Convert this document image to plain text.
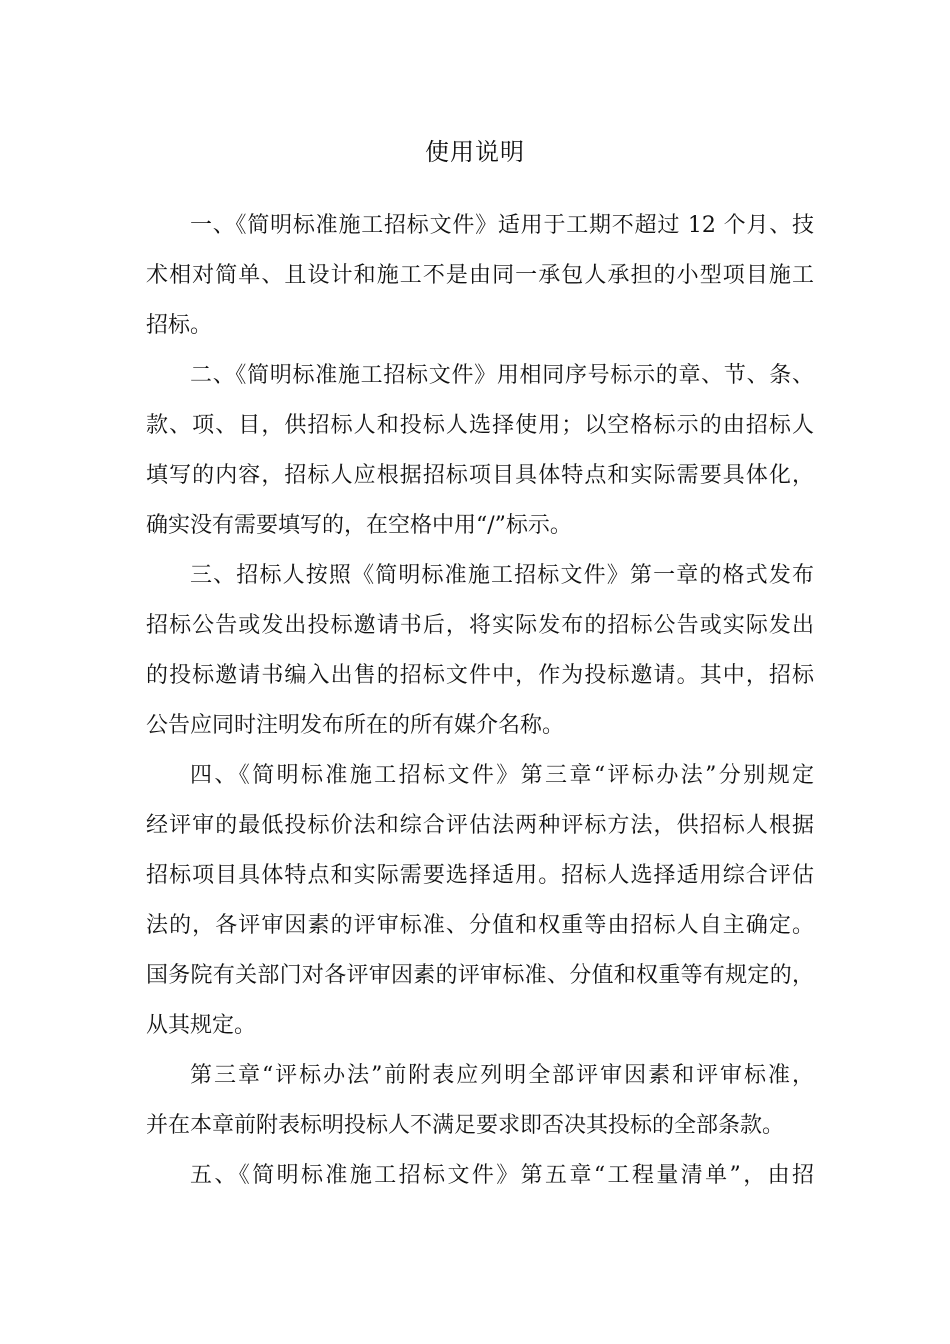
使用说明
一、《简明标准施工招标文件》适用于工期不超过 12 个月、技
术相对简单、且设计和施工不是由同一承包人承担的小型项目施工
招标。
二、《简明标准施工招标文件》用相同序号标示的章、节、条、
款、项、目，供招标人和投标人选择使用；以空格标示的由招标人
填写的内容，招标人应根据招标项目具体特点和实际需要具体化，
确实没有需要填写的，在空格中用“/”标示。
三、招标人按照《简明标准施工招标文件》第一章的格式发布
招标公告或发出投标邀请书后，将实际发布的招标公告或实际发出
的投标邀请书编入出售的招标文件中，作为投标邀请。其中，招标
公告应同时注明发布所在的所有媒介名称。
四、《简明标准施工招标文件》第三章“评标办法”分别规定
经评审的最低投标价法和综合评估法两种评标方法，供招标人根据
招标项目具体特点和实际需要选择适用。招标人选择适用综合评估
法的，各评审因素的评审标准、分值和权重等由招标人自主确定。
国务院有关部门对各评审因素的评审标准、分值和权重等有规定的，
从其规定。
第三章“评标办法”前附表应列明全部评审因素和评审标准，
并在本章前附表标明投标人不满足要求即否决其投标的全部条款。
五、《简明标准施工招标文件》第五章“工程量清单”，由招
